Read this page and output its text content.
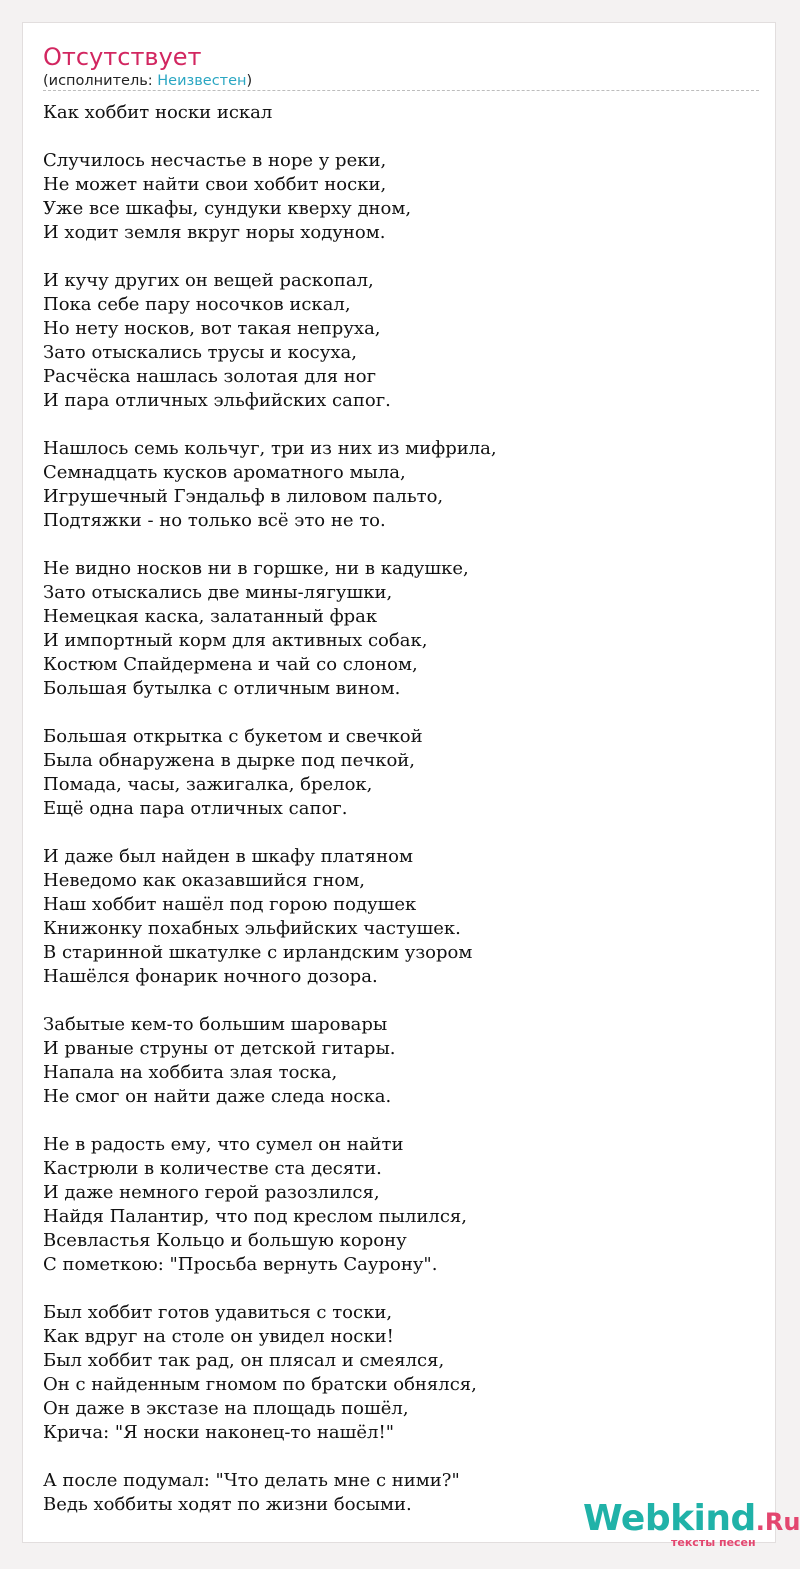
Отсутствует
(исполнитель: Неизвестен)
Как хоббит носки искал
Случилось несчастье в норе у реки,
Не может найти свои хоббит носки,
Уже все шкафы, сундуки кверху дном,
И ходит земля вкруг норы ходуном.
И кучу других он вещей раскопал,
Пока себе пару носочков искал,
Но нету носков, вот такая непруха,
Зато отыскались трусы и косуха,
Расчёска нашлась золотая для ног
И пара отличных эльфийских сапог.
Нашлось семь кольчуг, три из них из мифрила,
Семнадцать кусков ароматного мыла,
Игрушечный Гэндальф в лиловом пальто,
Подтяжки - но только всё это не то.
Не видно носков ни в горшке, ни в кадушке,
Зато отыскались две мины-лягушки,
Немецкая каска, залатанный фрак
И импортный корм для активных собак,
Костюм Спайдермена и чай со слоном,
Большая бутылка с отличным вином.
Большая открытка с букетом и свечкой
Была обнаружена в дырке под печкой,
Помада, часы, зажигалка, брелок,
Ещё одна пара отличных сапог.
И даже был найден в шкафу платяном
Неведомо как оказавшийся гном,
Наш хоббит нашёл под горою подушек
Книжонку похабных эльфийских частушек.
В старинной шкатулке с ирландским узором
Нашёлся фонарик ночного дозора.
Забытые кем-то большим шаровары
И рваные струны от детской гитары.
Напала на хоббита злая тоска,
Не смог он найти даже следа носка.
Не в радость ему, что сумел он найти
Кастрюли в количестве ста десяти.
И даже немного герой разозлился,
Найдя Палантир, что под креслом пылился,
Всевластья Кольцо и большую корону
С пометкою: "Просьба вернуть Саурону".
Был хоббит готов удавиться с тоски,
Как вдруг на столе он увидел носки!
Был хоббит так рад, он плясал и смеялся,
Он с найденным гномом по братски обнялся,
Он даже в экстазе на площадь пошёл,
Крича: "Я носки наконец-то нашёл!"
А после подумал: "Что делать мне с ними?"
Ведь хоббиты ходят по жизни босыми.	Webkind.Ru
тексты песен
